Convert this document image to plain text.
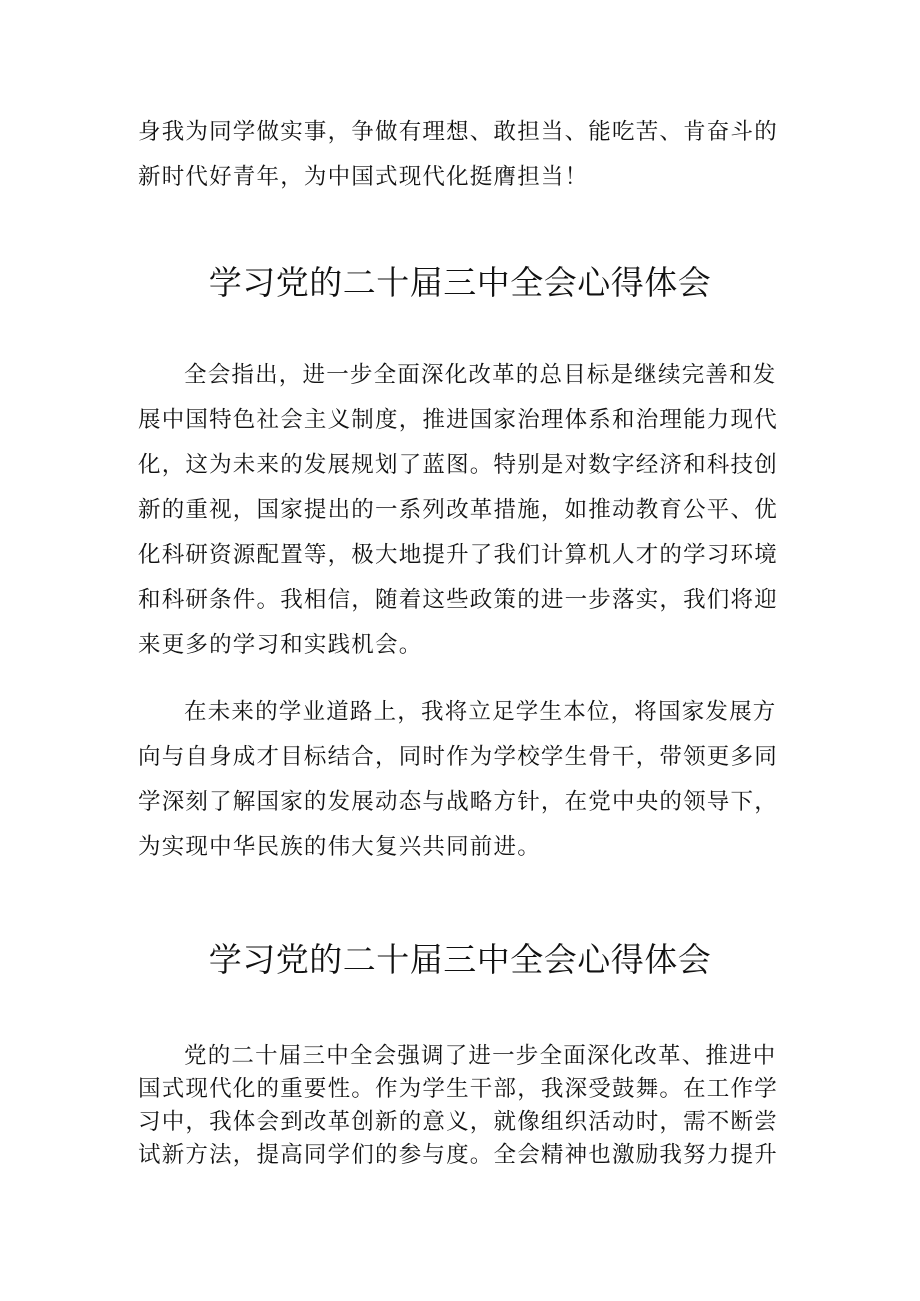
身我为同学做实事，争做有理想、敢担当、能吃苦、肯奋斗的
新时代好青年，为中国式现代化挺膺担当！

学习党的二十届三中全会心得体会

全会指出，进一步全面深化改革的总目标是继续完善和发
展中国特色社会主义制度，推进国家治理体系和治理能力现代
化，这为未来的发展规划了蓝图。特别是对数字经济和科技创
新的重视，国家提出的一系列改革措施，如推动教育公平、优
化科研资源配置等，极大地提升了我们计算机人才的学习环境
和科研条件。我相信，随着这些政策的进一步落实，我们将迎
来更多的学习和实践机会。

在未来的学业道路上，我将立足学生本位，将国家发展方
向与自身成才目标结合，同时作为学校学生骨干，带领更多同
学深刻了解国家的发展动态与战略方针，在党中央的领导下，
为实现中华民族的伟大复兴共同前进。

学习党的二十届三中全会心得体会

党的二十届三中全会强调了进一步全面深化改革、推进中
国式现代化的重要性。作为学生干部，我深受鼓舞。在工作学
习中，我体会到改革创新的意义，就像组织活动时，需不断尝
试新方法，提高同学们的参与度。全会精神也激励我努力提升
